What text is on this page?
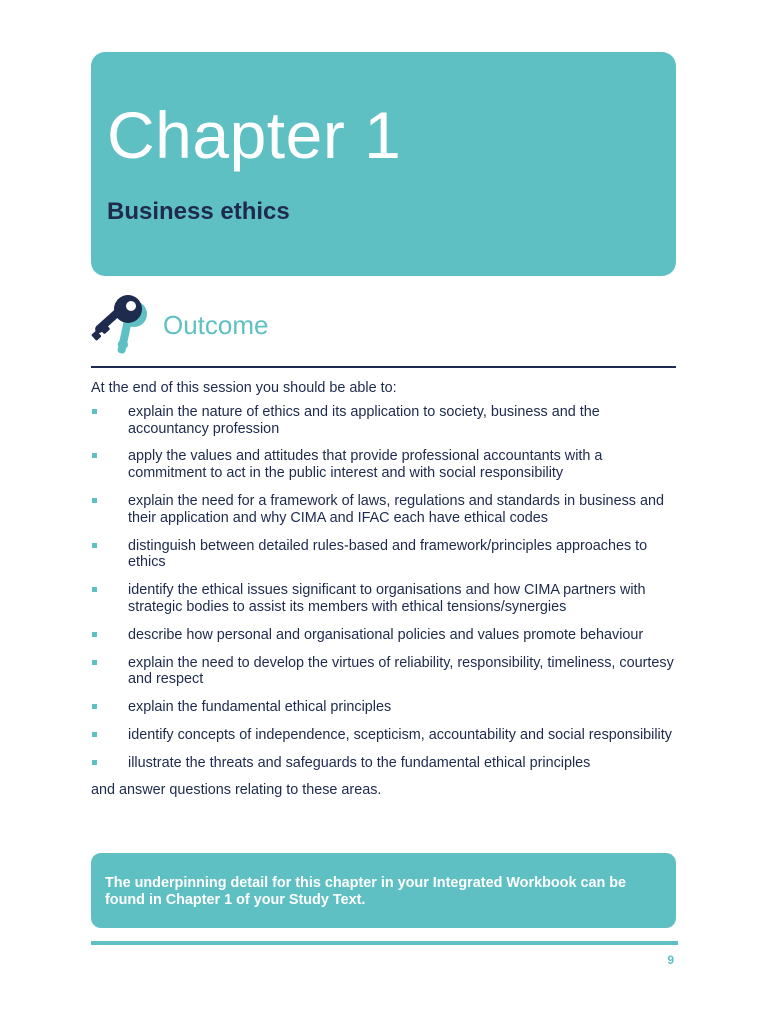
Chapter 1
Business ethics
Outcome

At the end of this session you should be able to:

explain the nature of ethics and its application to society, business and the accountancy profession
apply the values and attitudes that provide professional accountants with a commitment to act in the public interest and with social responsibility
explain the need for a framework of laws, regulations and standards in business and their application and why CIMA and IFAC each have ethical codes
distinguish between detailed rules-based and framework/principles approaches to ethics
identify the ethical issues significant to organisations and how CIMA partners with strategic bodies to assist its members with ethical tensions/synergies
describe how personal and organisational policies and values promote behaviour
explain the need to develop the virtues of reliability, responsibility, timeliness, courtesy and respect
explain the fundamental ethical principles
identify concepts of independence, scepticism, accountability and social responsibility
illustrate the threats and safeguards to the fundamental ethical principles

and answer questions relating to these areas.

The underpinning detail for this chapter in your Integrated Workbook can be found in Chapter 1 of your Study Text.

9
